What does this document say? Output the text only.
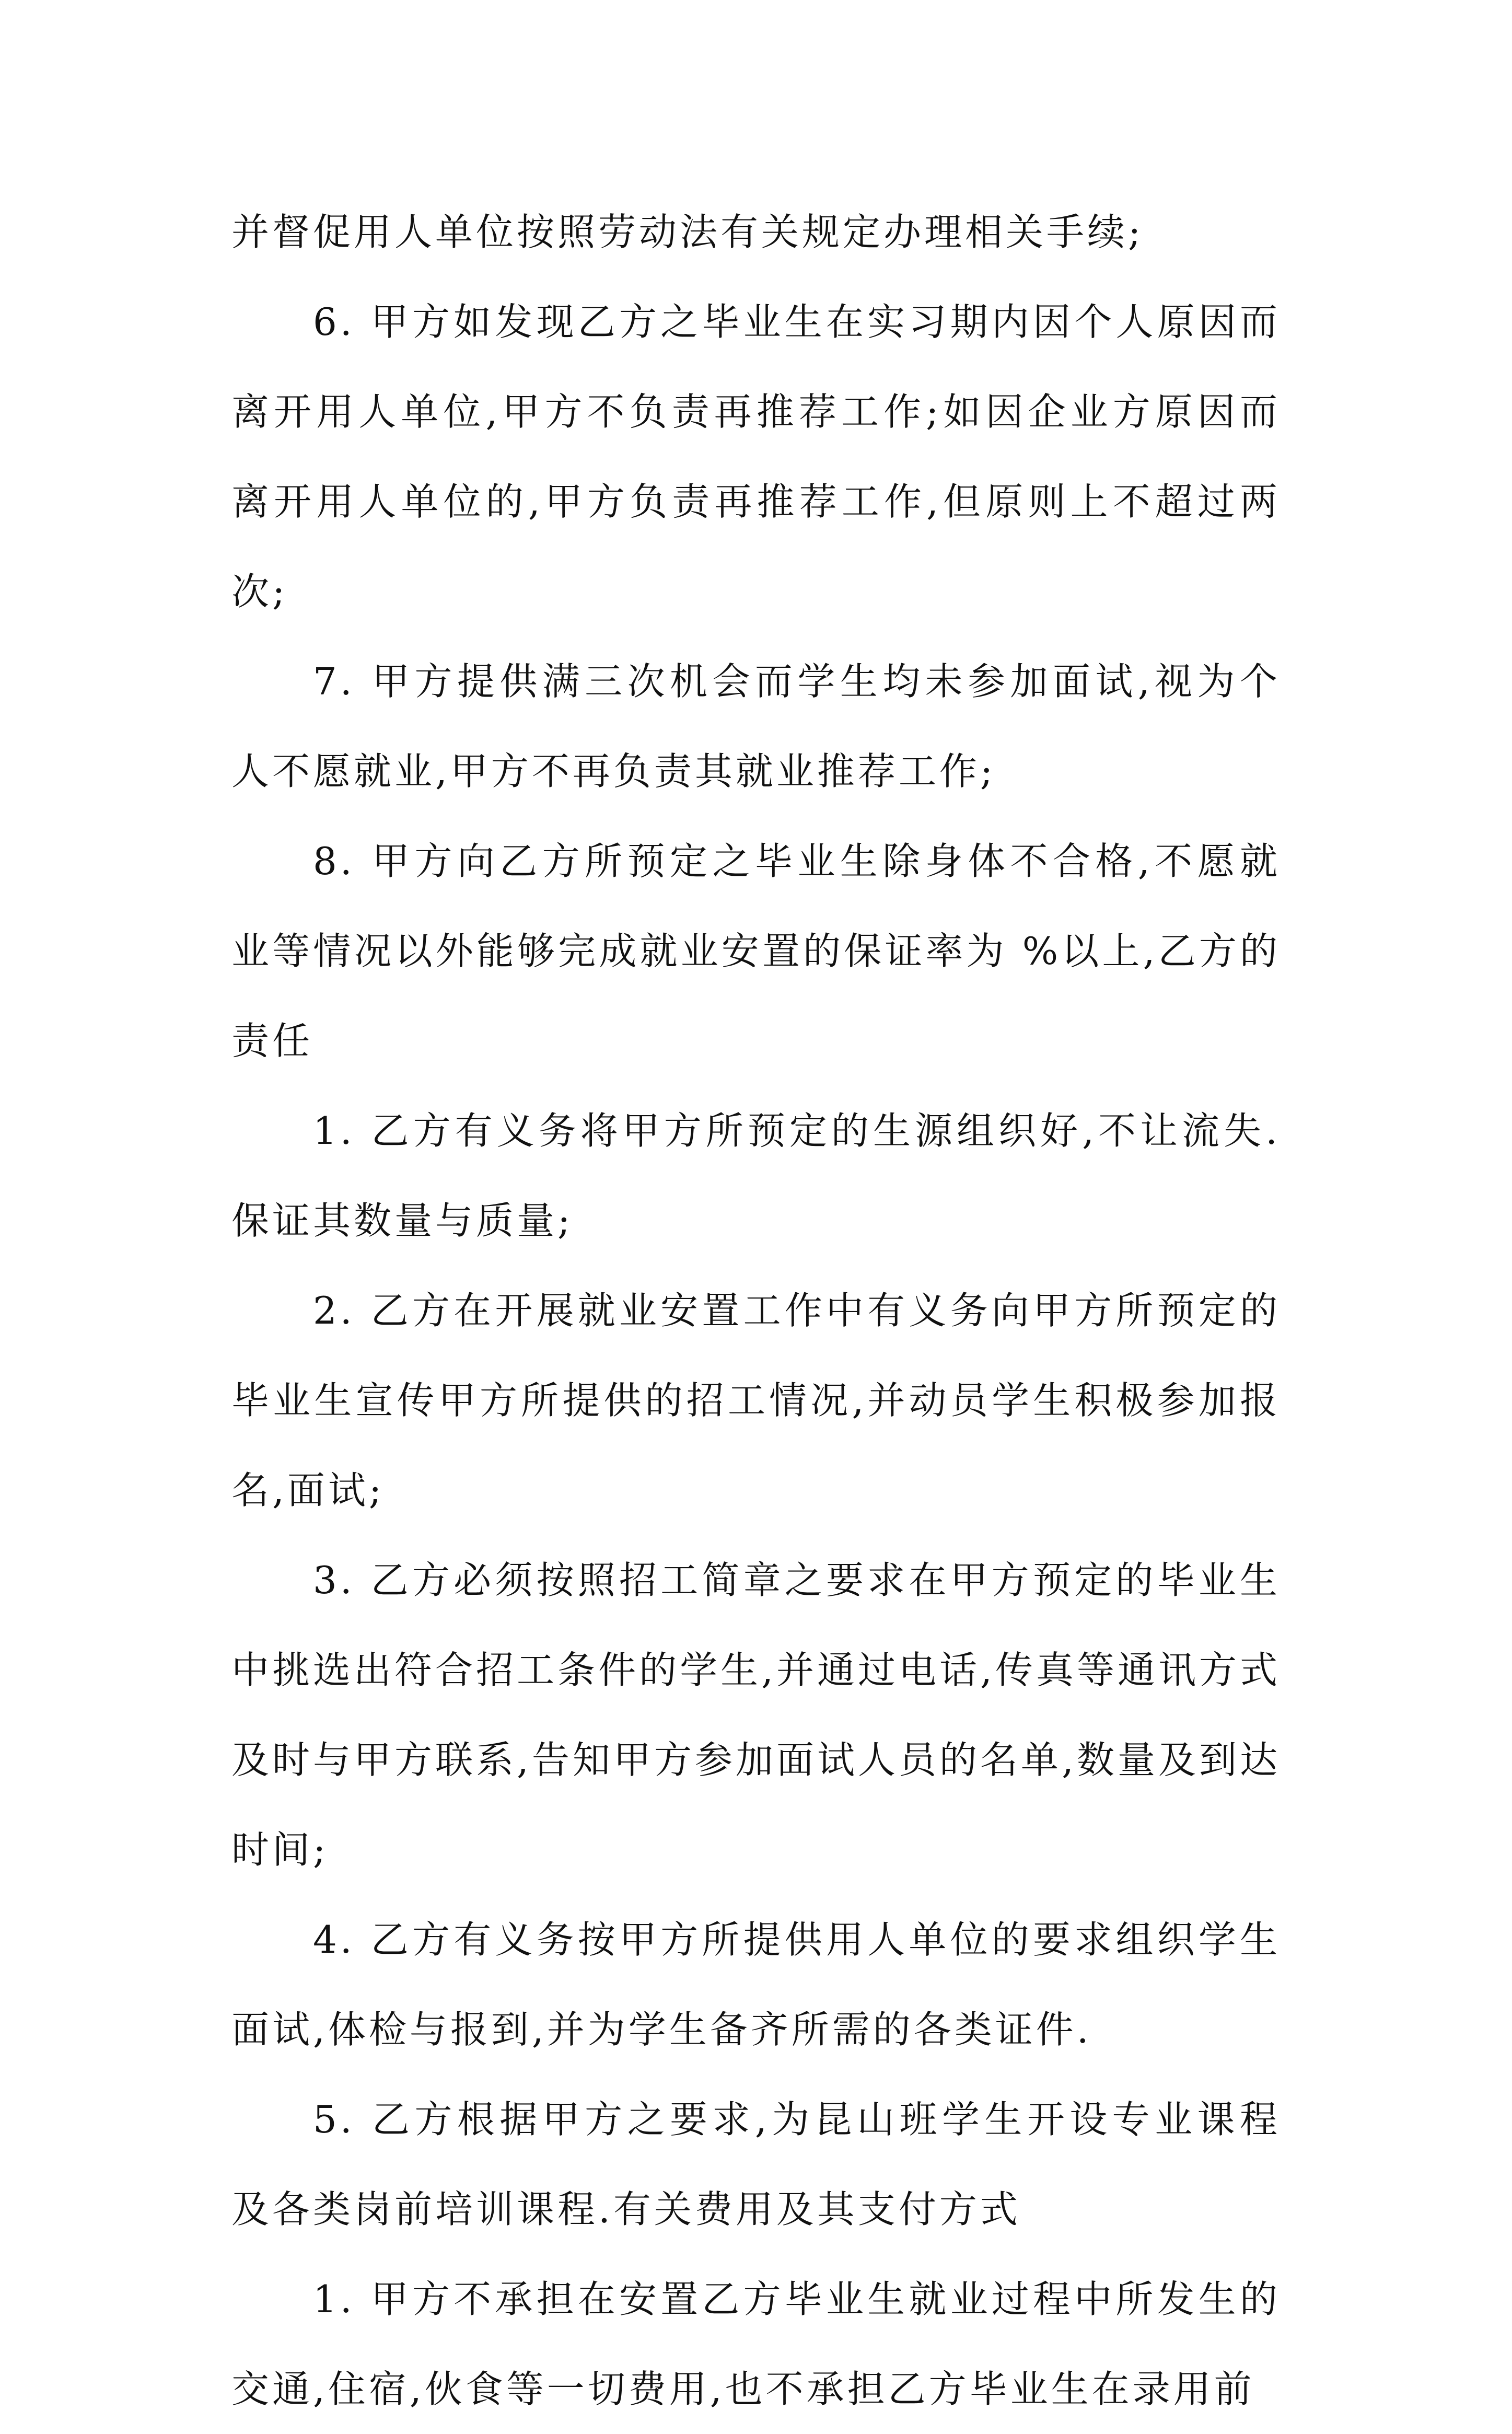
并督促用人单位按照劳动法有关规定办理相关手续;

6. 甲方如发现乙方之毕业生在实习期内因个人原因而离开用人单位,甲方不负责再推荐工作;如因企业方原因而离开用人单位的,甲方负责再推荐工作,但原则上不超过两次;

7. 甲方提供满三次机会而学生均未参加面试,视为个人不愿就业,甲方不再负责其就业推荐工作;

8. 甲方向乙方所预定之毕业生除身体不合格,不愿就业等情况以外能够完成就业安置的保证率为 %以上,乙方的责任

1. 乙方有义务将甲方所预定的生源组织好,不让流失.保证其数量与质量;

2. 乙方在开展就业安置工作中有义务向甲方所预定的毕业生宣传甲方所提供的招工情况,并动员学生积极参加报名,面试;

3. 乙方必须按照招工简章之要求在甲方预定的毕业生中挑选出符合招工条件的学生,并通过电话,传真等通讯方式及时与甲方联系,告知甲方参加面试人员的名单,数量及到达时间;

4. 乙方有义务按甲方所提供用人单位的要求组织学生面试,体检与报到,并为学生备齐所需的各类证件.

5. 乙方根据甲方之要求,为昆山班学生开设专业课程及各类岗前培训课程.有关费用及其支付方式

1. 甲方不承担在安置乙方毕业生就业过程中所发生的交通,住宿,伙食等一切费用,也不承担乙方毕业生在录用前
